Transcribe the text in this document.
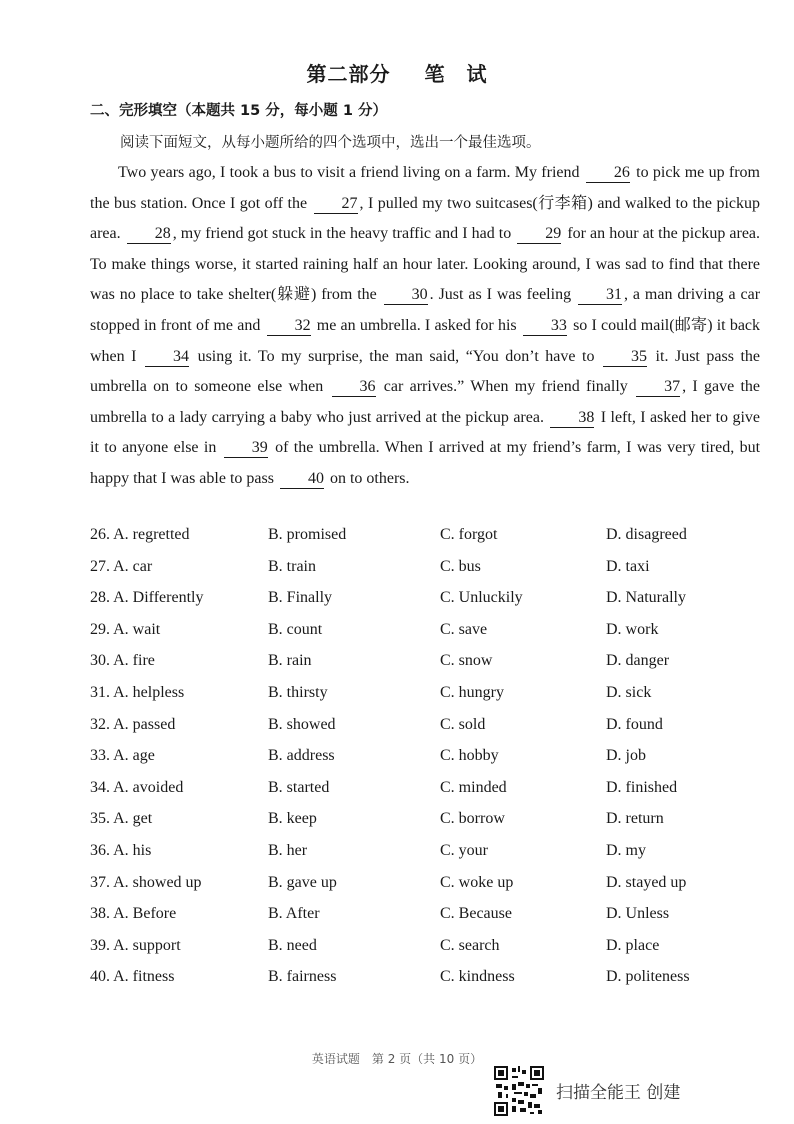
第二部分 笔　试
二、完形填空（本题共 15 分，每小题 1 分）
阅读下面短文，从每小题所给的四个选项中，选出一个最佳选项。

Two years ago, I took a bus to visit a friend living on a farm. My friend 26 to pick me up from the bus station. Once I got off the 27 , I pulled my two suitcases(行李箱) and walked to the pickup area. 28 , my friend got stuck in the heavy traffic and I had to 29 for an hour at the pickup area. To make things worse, it started raining half an hour later. Looking around, I was sad to find that there was no place to take shelter(躲避) from the 30 . Just as I was feeling 31 , a man driving a car stopped in front of me and 32 me an umbrella. I asked for his 33 so I could mail(邮寄) it back when I 34 using it. To my surprise, the man said, “You don’t have to 35 it. Just pass the umbrella on to someone else when 36 car arrives.” When my friend finally 37 , I gave the umbrella to a lady carrying a baby who just arrived at the pickup area. 38 I left, I asked her to give it to anyone else in 39 of the umbrella. When I arrived at my friend’s farm, I was very tired, but happy that I was able to pass 40 on to others.

26. A. regretted	B. promised	C. forgot	D. disagreed
27. A. car	B. train	C. bus	D. taxi
28. A. Differently	B. Finally	C. Unluckily	D. Naturally
29. A. wait	B. count	C. save	D. work
30. A. fire	B. rain	C. snow	D. danger
31. A. helpless	B. thirsty	C. hungry	D. sick
32. A. passed	B. showed	C. sold	D. found
33. A. age	B. address	C. hobby	D. job
34. A. avoided	B. started	C. minded	D. finished
35. A. get	B. keep	C. borrow	D. return
36. A. his	B. her	C. your	D. my
37. A. showed up	B. gave up	C. woke up	D. stayed up
38. A. Before	B. After	C. Because	D. Unless
39. A. support	B. need	C. search	D. place
40. A. fitness	B. fairness	C. kindness	D. politeness
英语试题　第 2 页（共 10 页）
扫描全能王 创建
